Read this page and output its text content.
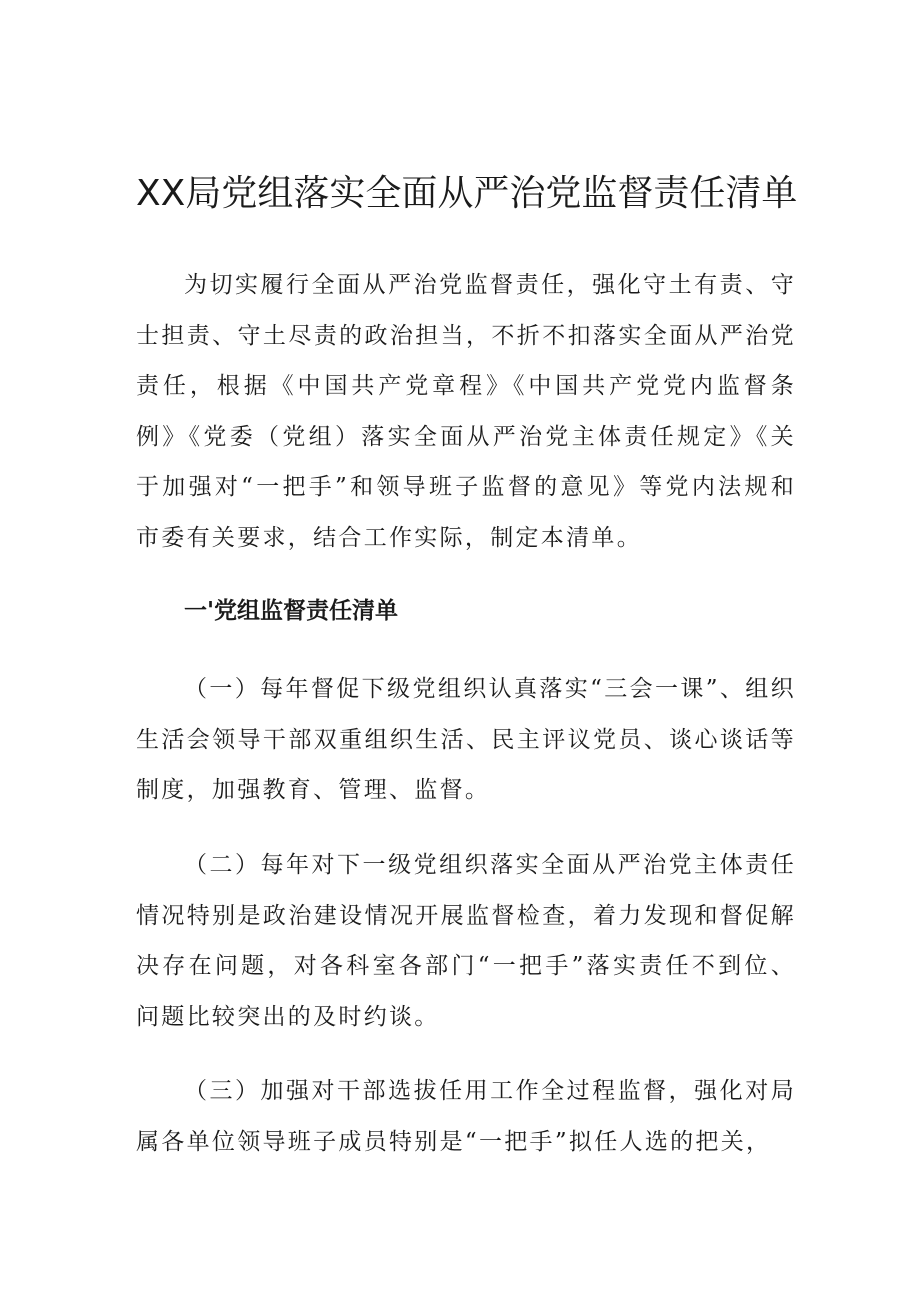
XX局党组落实全面从严治党监督责任清单

为切实履行全面从严治党监督责任，强化守土有责、守士担责、守土尽责的政治担当，不折不扣落实全面从严治党责任，根据《中国共产党章程》《中国共产党党内监督条例》《党委（党组）落实全面从严治党主体责任规定》《关于加强对“一把手”和领导班子监督的意见》等党内法规和市委有关要求，结合工作实际，制定本清单。

一'党组监督责任清单

（一）每年督促下级党组织认真落实“三会一课”、组织生活会领导干部双重组织生活、民主评议党员、谈心谈话等制度，加强教育、管理、监督。

（二）每年对下一级党组织落实全面从严治党主体责任情况特别是政治建设情况开展监督检查，着力发现和督促解决存在问题，对各科室各部门“一把手”落实责任不到位、问题比较突出的及时约谈。

（三）加强对干部选拔任用工作全过程监督，强化对局属各单位领导班子成员特别是“一把手”拟任人选的把关，
